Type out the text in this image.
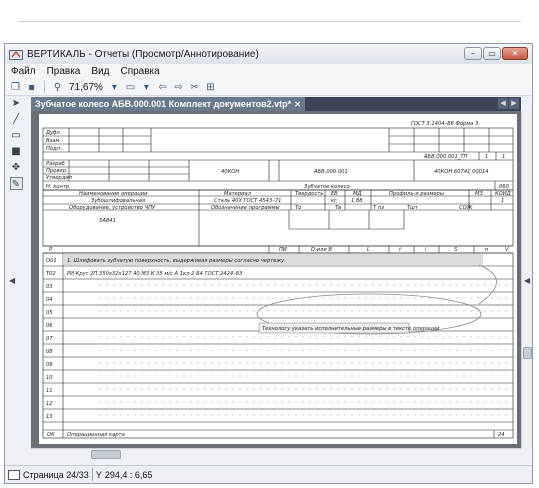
ВЕРТИКАЛЬ - Отчеты (Просмотр/Аннотирование)	–	▭	✕
Файл Правка Вид Справка
❐ ▪	⚲ 71,67% ▾ ▭ ▾ ⇦ ⇨ ✂ ⊞
➤
╱
▭
■
✥
✎
Зубчатое колесо АБВ.000.001 Комплект документов2.vtp* ✕	◀ ▶
ГОСТ 3.1404–86 Форма 3
Дубл.
Взам.
Подл.
АБВ.000.001_ТП	1	1
Разраб.
Провер.
Утвердил
40КОН	АБВ.000.001	40КОН 60741 00014
Н. контр.	Зубчатое колесо	060
Наименование операции	Материал	Твердость ЕВ	МД	Профиль и размеры	МЗ КОИД
Зубошлифовальная	Сталь 40Х ГОСТ 4543–71	кг	1,88	1
Оборудование, устройство ЧПУ	Обозначение программы	То	Тв	Т пз	Тшт	СОЖ
5А841
Р	ПИ	D или В	L	t	i	S	n	V
О01 1. Шлифовать зубчатую поверхность, выдерживая размеры согласно чертежу.
Т02 РИ Круг 2П 350х32х127 40 М3 К 35 м/с А 1кл 2 Б4 ГОСТ 2424–83
03
04
05
06
07
08
09
10
11
12
13
Технологу указать исполнительные размеры в тексте операции
ОК Операционная карта	24
◀	◀
Страница 24/33 Y 294,4 : 6,65
